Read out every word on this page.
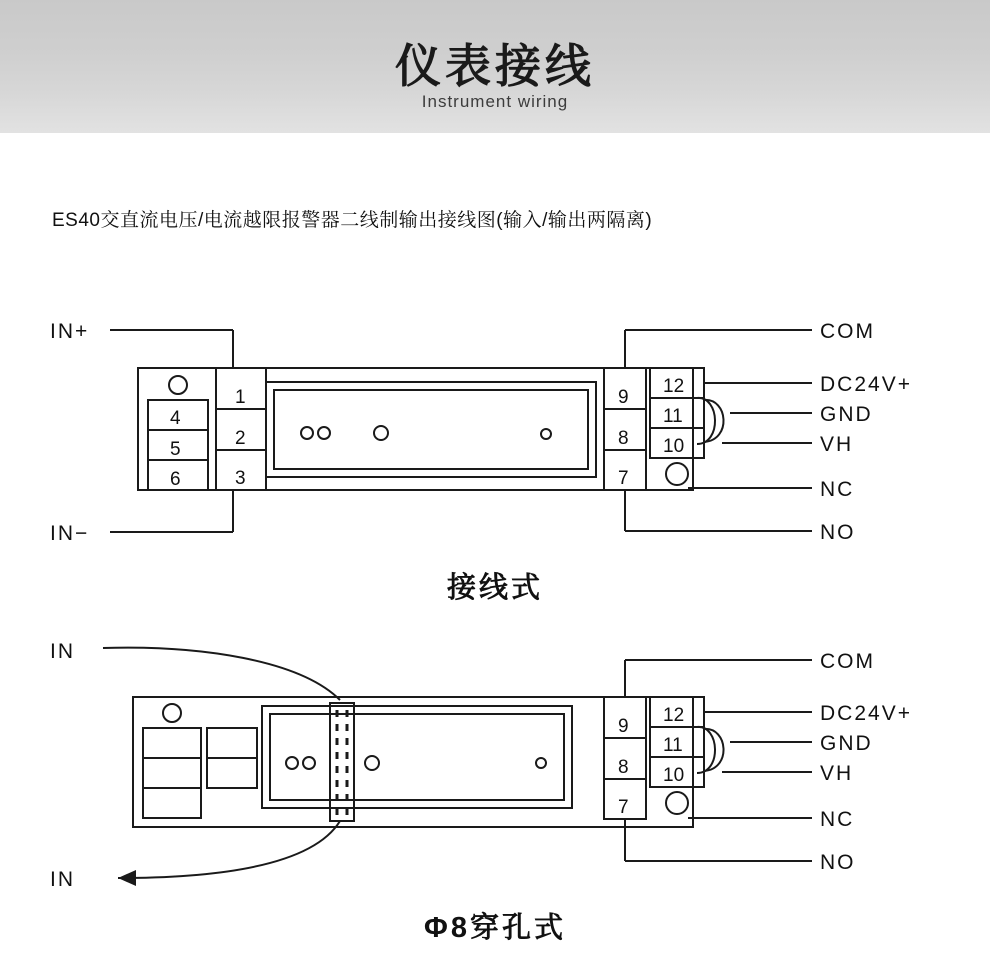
仪表接线
Instrument wiring
ES40交直流电压/电流越限报警器二线制输出接线图(输入/输出两隔离)
4
5
6
1
2
3
9
8
7
12
11
10
IN+
IN−
COM
DC24V+
GND
VH
NC
NO
接线式
9
8
7
12
11
10
IN
IN
COM
DC24V+
GND
VH
NC
NO
Φ8穿孔式
